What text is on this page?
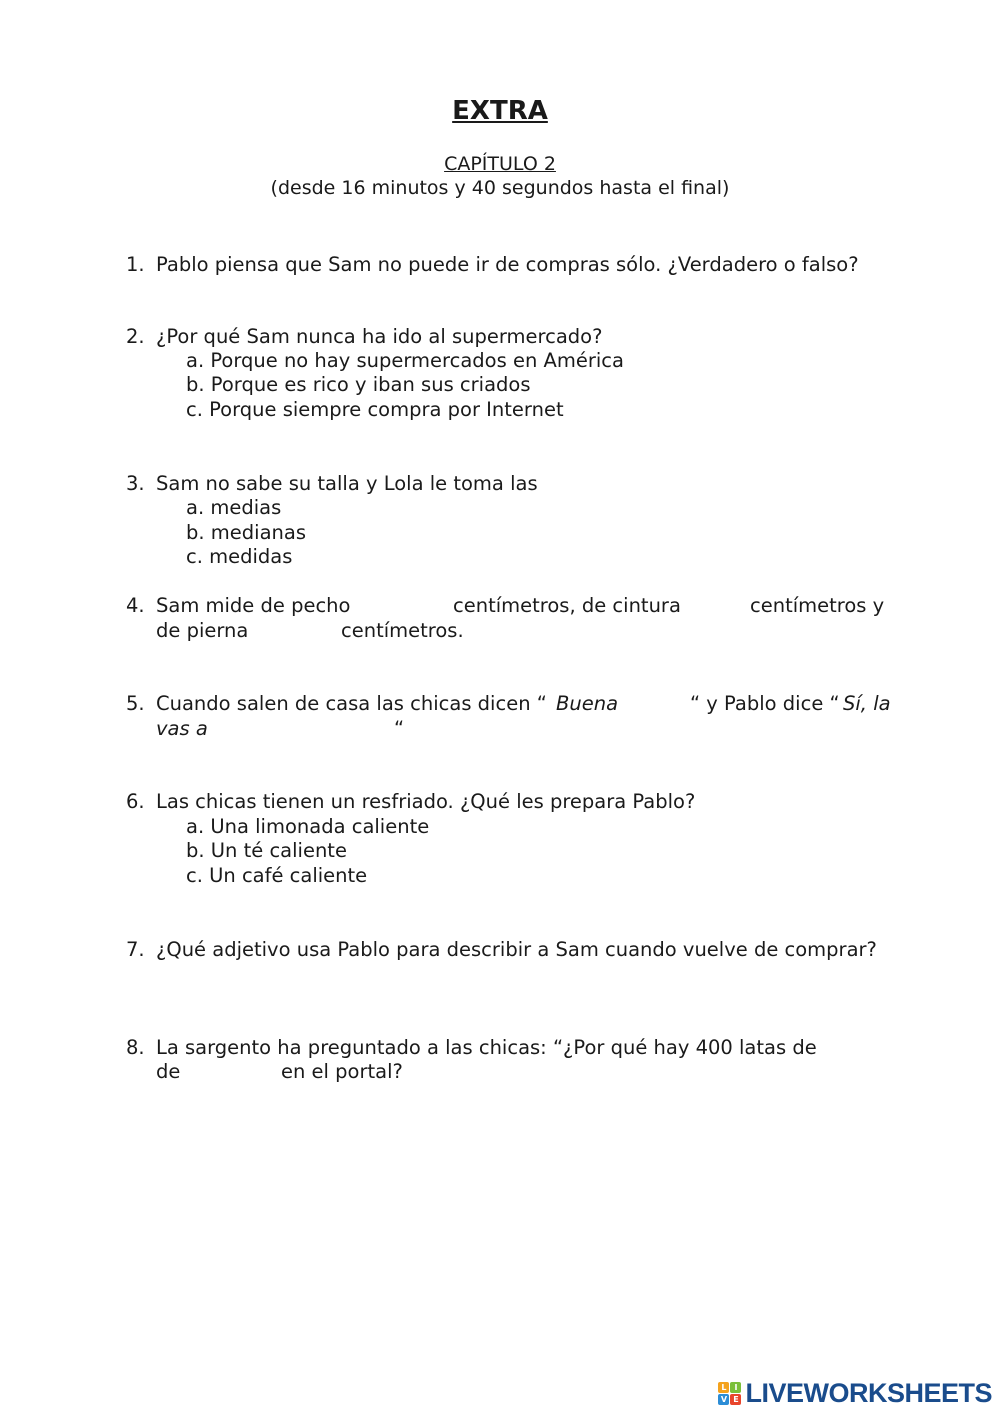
EXTRA
CAPÍTULO 2
(desde 16 minutos y 40 segundos hasta el final)
1. Pablo piensa que Sam no puede ir de compras sólo. ¿Verdadero o falso?
2. ¿Por qué Sam nunca ha ido al supermercado?
a. Porque no hay supermercados en América
b. Porque es rico y iban sus criados
c. Porque siempre compra por Internet
3. Sam no sabe su talla y Lola le toma las
a. medias
b. medianas
c. medidas
4. Sam mide de pecho	centímetros, de cintura	centímetros y
de pierna	centímetros.
5. Cuando salen de casa las chicas dicen “ Buena	“ y Pablo dice “ Sí, la
vas a	“
6. Las chicas tienen un resfriado. ¿Qué les prepara Pablo?
a. Una limonada caliente
b. Un té caliente
c. Un café caliente
7. ¿Qué adjetivo usa Pablo para describir a Sam cuando vuelve de comprar?
8. La sargento ha preguntado a las chicas: “¿Por qué hay 400 latas de
de	en el portal?
L I
V E LIVEWORKSHEETS
